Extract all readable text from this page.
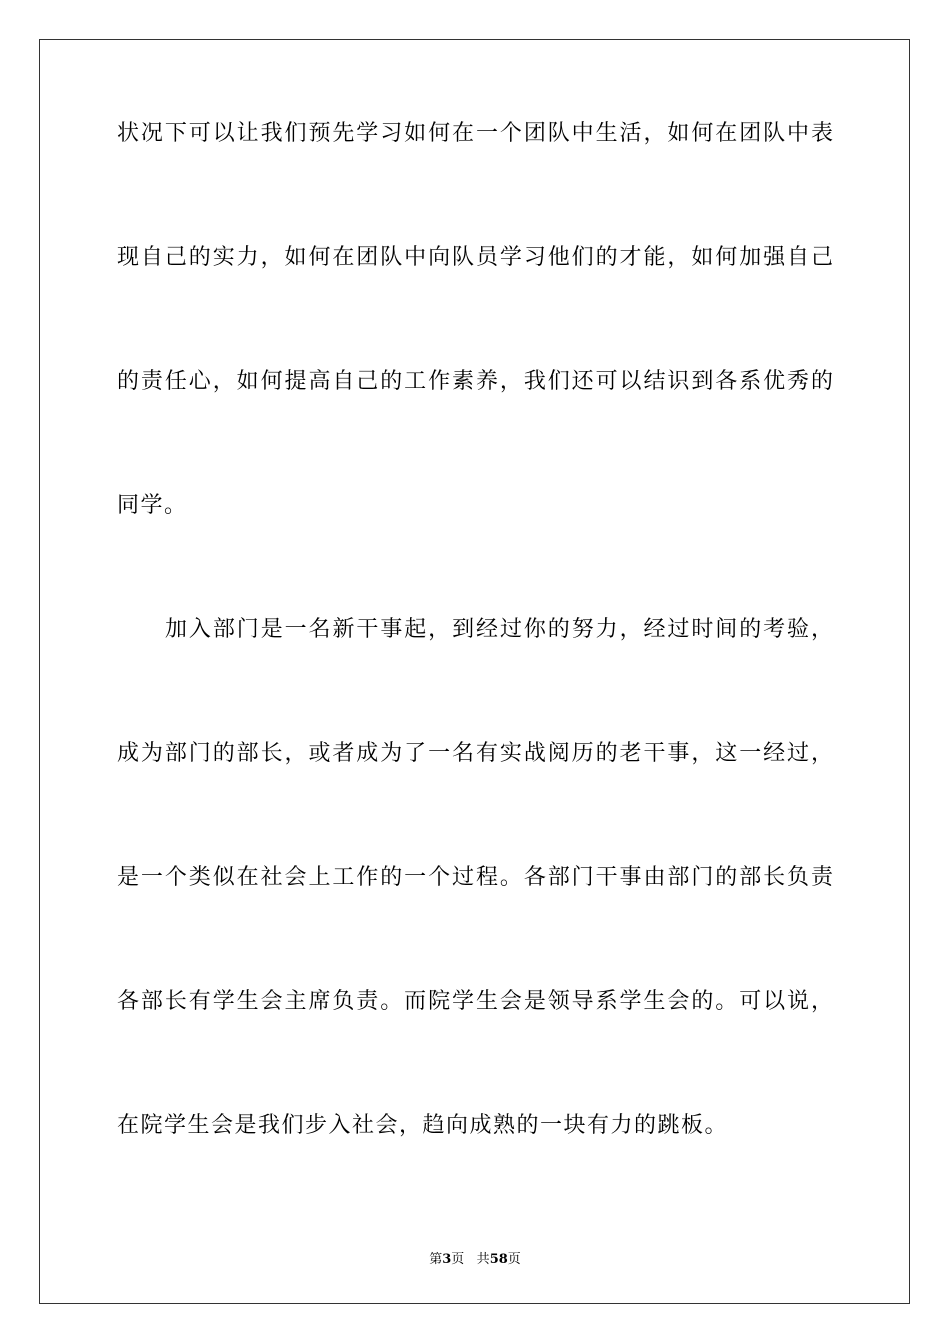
状况下可以让我们预先学习如何在一个团队中生活，如何在团队中表
现自己的实力，如何在团队中向队员学习他们的才能，如何加强自己
的责任心，如何提高自己的工作素养，我们还可以结识到各系优秀的
同学。
加入部门是一名新干事起，到经过你的努力，经过时间的考验，
成为部门的部长，或者成为了一名有实战阅历的老干事，这一经过，
是一个类似在社会上工作的一个过程。各部门干事由部门的部长负责
各部长有学生会主席负责。而院学生会是领导系学生会的。可以说，
在院学生会是我们步入社会，趋向成熟的一块有力的跳板。
第3页 共58页
